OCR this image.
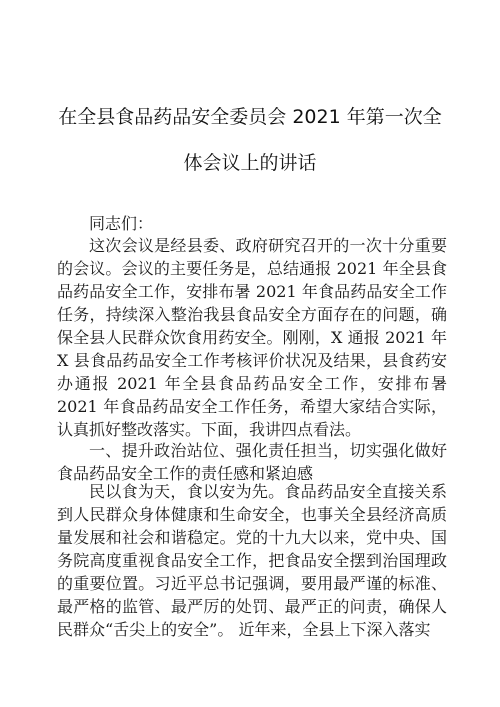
在全县食品药品安全委员会 2021 年第一次全
体会议上的讲话

同志们：

这次会议是经县委、政府研究召开的一次十分重要的会议。会议的主要任务是，总结通报 2021 年全县食品药品安全工作，安排布暑 2021 年食品药品安全工作任务，持续深入整治我县食品安全方面存在的问题，确保全县人民群众饮食用药安全。刚刚，X 通报 2021 年 X 县食品药品安全工作考核评价状况及结果，县食药安办通报 2021 年全县食品药品安全工作，安排布暑 2021 年食品药品安全工作任务，希望大家结合实际，认真抓好整改落实。下面，我讲四点看法。

一、提升政治站位、强化责任担当，切实强化做好食品药品安全工作的责任感和紧迫感

民以食为天，食以安为先。食品药品安全直接关系到人民群众身体健康和生命安全，也事关全县经济高质量发展和社会和谐稳定。党的十九大以来，党中央、国务院高度重视食品安全工作，把食品安全摆到治国理政的重要位置。习近平总书记强调，要用最严谨的标准、最严格的监管、最严厉的处罚、最严正的问责，确保人民群众“舌尖上的安全”。 近年来，全县上下深入落实
